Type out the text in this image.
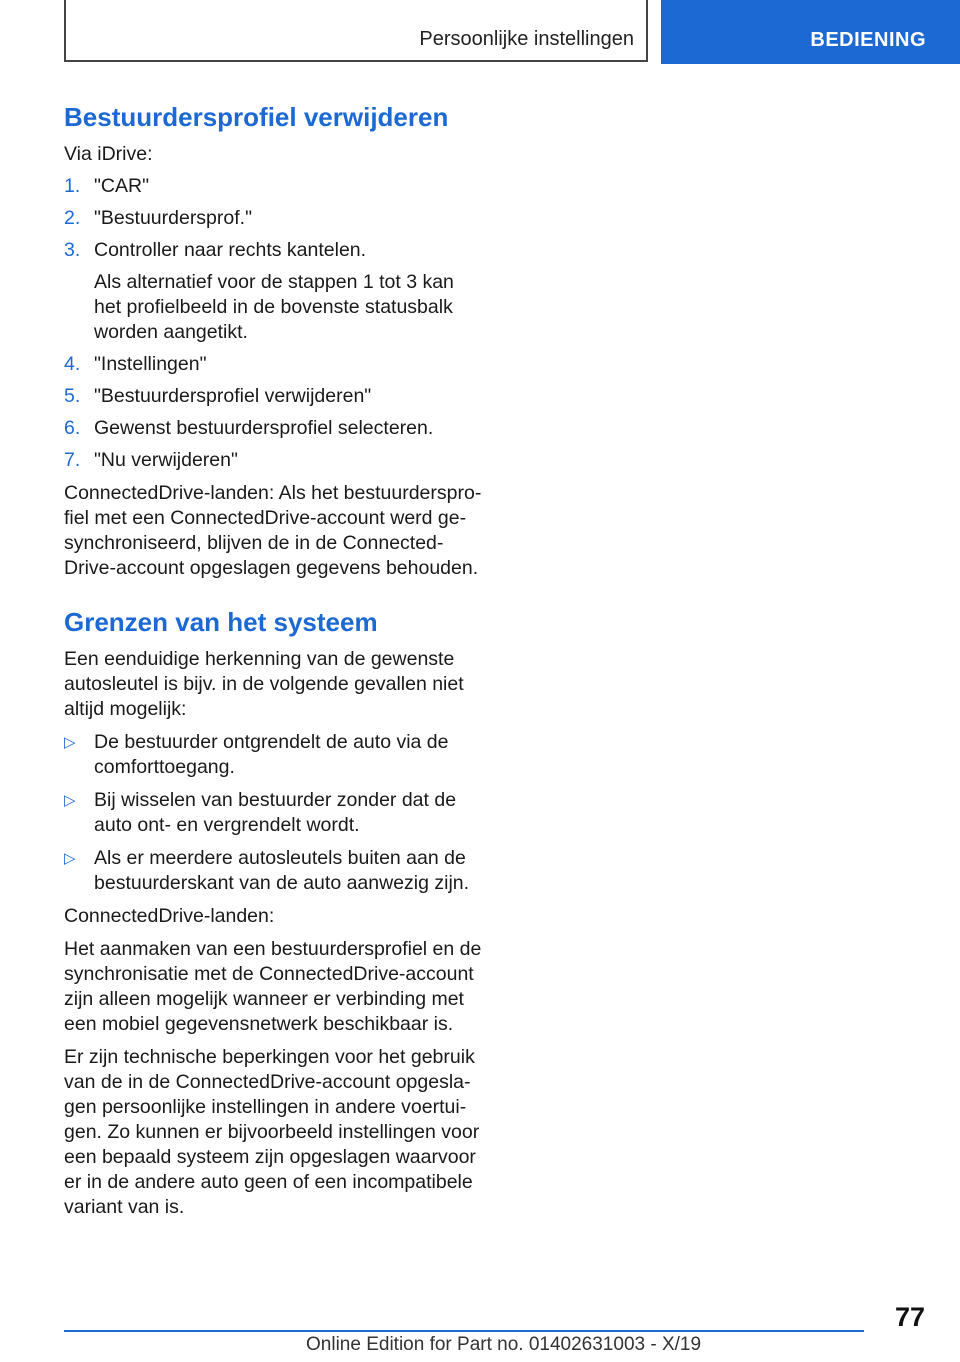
Persoonlijke instellingen	BEDIENING
Bestuurdersprofiel verwijderen

Via iDrive:

1. "CAR"
2. "Bestuurdersprof."
3. Controller naar rechts kantelen.
Als alternatief voor de stappen 1 tot 3 kan het profielbeeld in de bovenste statusbalk worden aangetikt.
4. "Instellingen"
5. "Bestuurdersprofiel verwijderen"
6. Gewenst bestuurdersprofiel selecteren.
7. "Nu verwijderen"

ConnectedDrive-landen: Als het bestuurdersprofiel met een ConnectedDrive-account werd gesynchroniseerd, blijven de in de ConnectedDrive-account opgeslagen gegevens behouden.

Grenzen van het systeem

Een eenduidige herkenning van de gewenste autosleutel is bijv. in de volgende gevallen niet altijd mogelijk:

▷ De bestuurder ontgrendelt de auto via de comforttoegang.
▷ Bij wisselen van bestuurder zonder dat de auto ont- en vergrendelt wordt.
▷ Als er meerdere autosleutels buiten aan de bestuurderskant van de auto aanwezig zijn.

ConnectedDrive-landen:

Het aanmaken van een bestuurdersprofiel en de synchronisatie met de ConnectedDrive-account zijn alleen mogelijk wanneer er verbinding met een mobiel gegevensnetwerk beschikbaar is.

Er zijn technische beperkingen voor het gebruik van de in de ConnectedDrive-account opgeslagen persoonlijke instellingen in andere voertuigen. Zo kunnen er bijvoorbeeld instellingen voor een bepaald systeem zijn opgeslagen waarvoor er in de andere auto geen of een incompatibele variant van is.

77
Online Edition for Part no. 01402631003 - X/19
